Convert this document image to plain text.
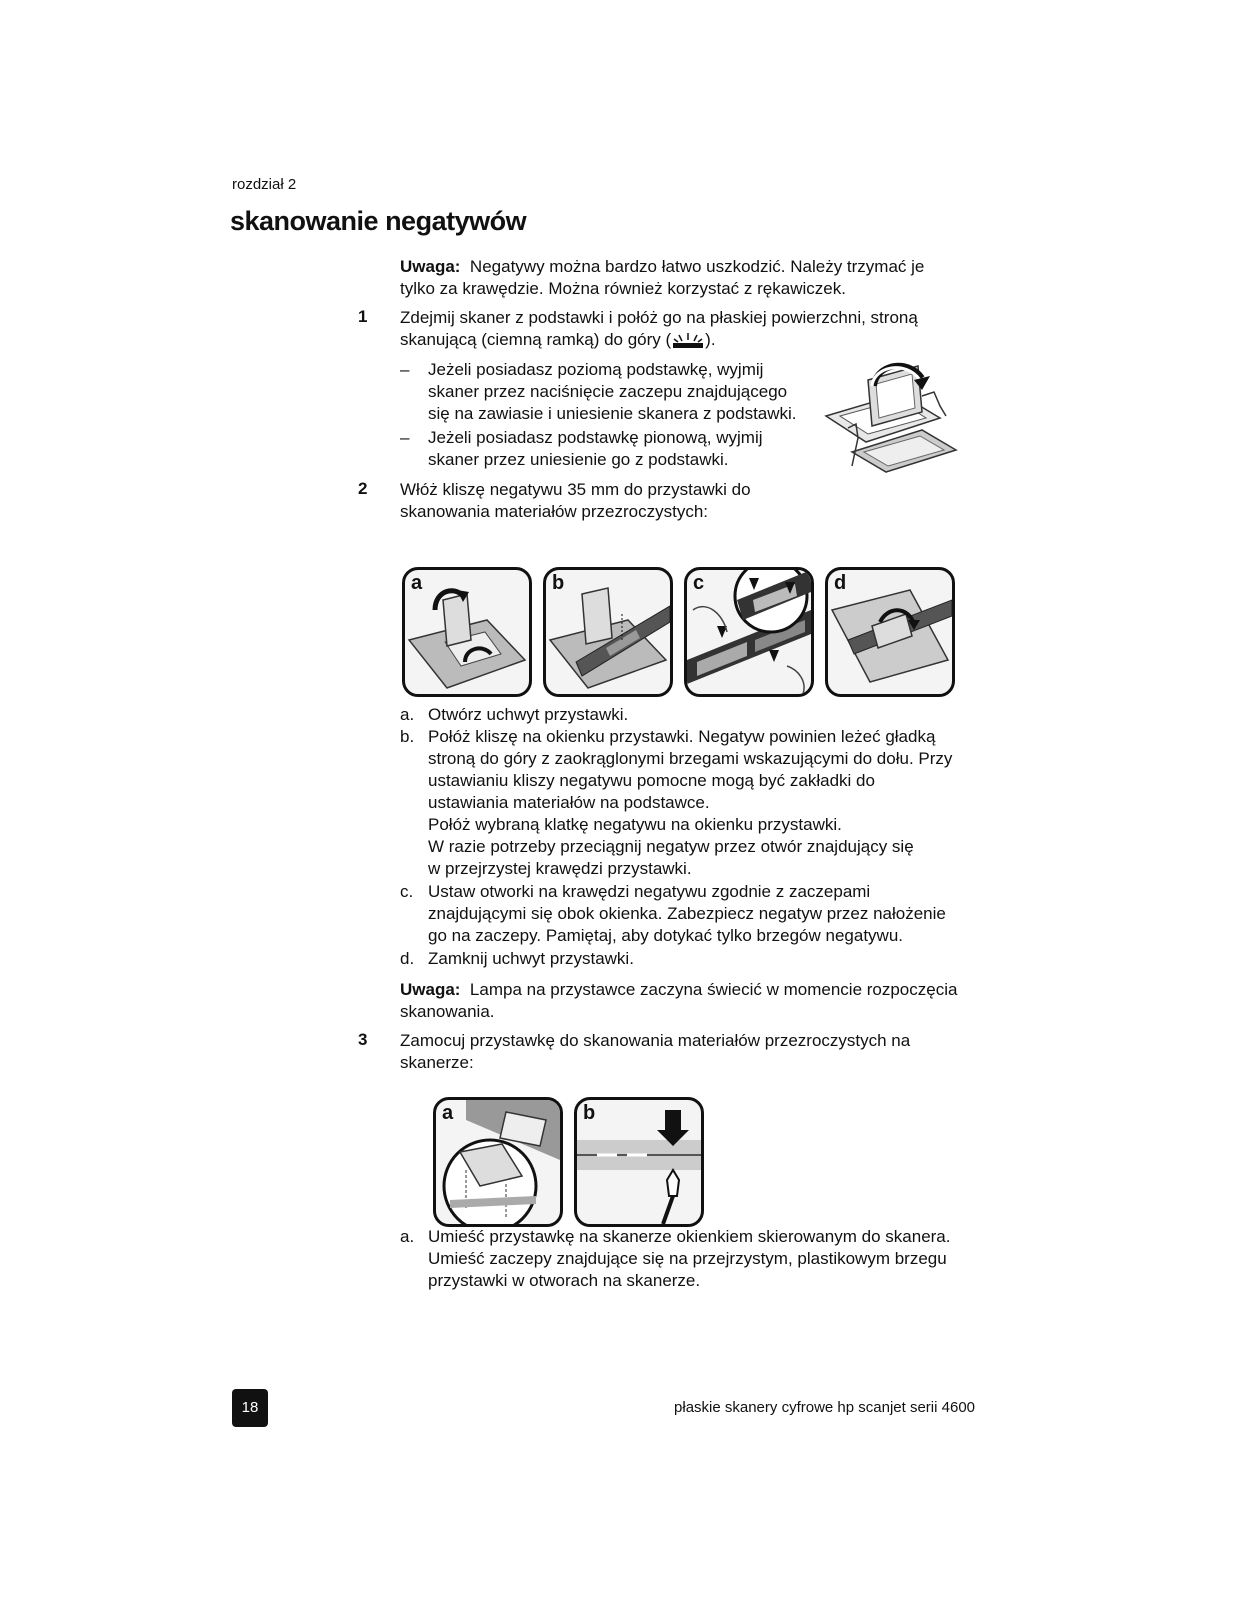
rozdział 2
skanowanie negatywów
Uwaga: Negatywy można bardzo łatwo uszkodzić. Należy trzymać je
tylko za krawędzie. Można również korzystać z rękawiczek.
1 Zdejmij skaner z podstawki i połóż go na płaskiej powierzchni, stroną
skanującą (ciemną ramką) do góry ( ).
– Jeżeli posiadasz poziomą podstawkę, wyjmij
skaner przez naciśnięcie zaczepu znajdującego
się na zawiasie i uniesienie skanera z podstawki.
– Jeżeli posiadasz podstawkę pionową, wyjmij
skaner przez uniesienie go z podstawki.
2 Włóż kliszę negatywu 35 mm do przystawki do
skanowania materiałów przezroczystych:
a	b	c	d
a. Otwórz uchwyt przystawki.
b. Połóż kliszę na okienku przystawki. Negatyw powinien leżeć gładką
stroną do góry z zaokrąglonymi brzegami wskazującymi do dołu. Przy
ustawianiu kliszy negatywu pomocne mogą być zakładki do
ustawiania materiałów na podstawce.
Połóż wybraną klatkę negatywu na okienku przystawki.
W razie potrzeby przeciągnij negatyw przez otwór znajdujący się
w przejrzystej krawędzi przystawki.
c. Ustaw otworki na krawędzi negatywu zgodnie z zaczepami
znajdującymi się obok okienka. Zabezpiecz negatyw przez nałożenie
go na zaczepy. Pamiętaj, aby dotykać tylko brzegów negatywu.
d. Zamknij uchwyt przystawki.
Uwaga: Lampa na przystawce zaczyna świecić w momencie rozpoczęcia
skanowania.
3 Zamocuj przystawkę do skanowania materiałów przezroczystych na
skanerze:
a	b
a. Umieść przystawkę na skanerze okienkiem skierowanym do skanera.
Umieść zaczepy znajdujące się na przejrzystym, plastikowym brzegu
przystawki w otworach na skanerze.
18	płaskie skanery cyfrowe hp scanjet serii 4600
